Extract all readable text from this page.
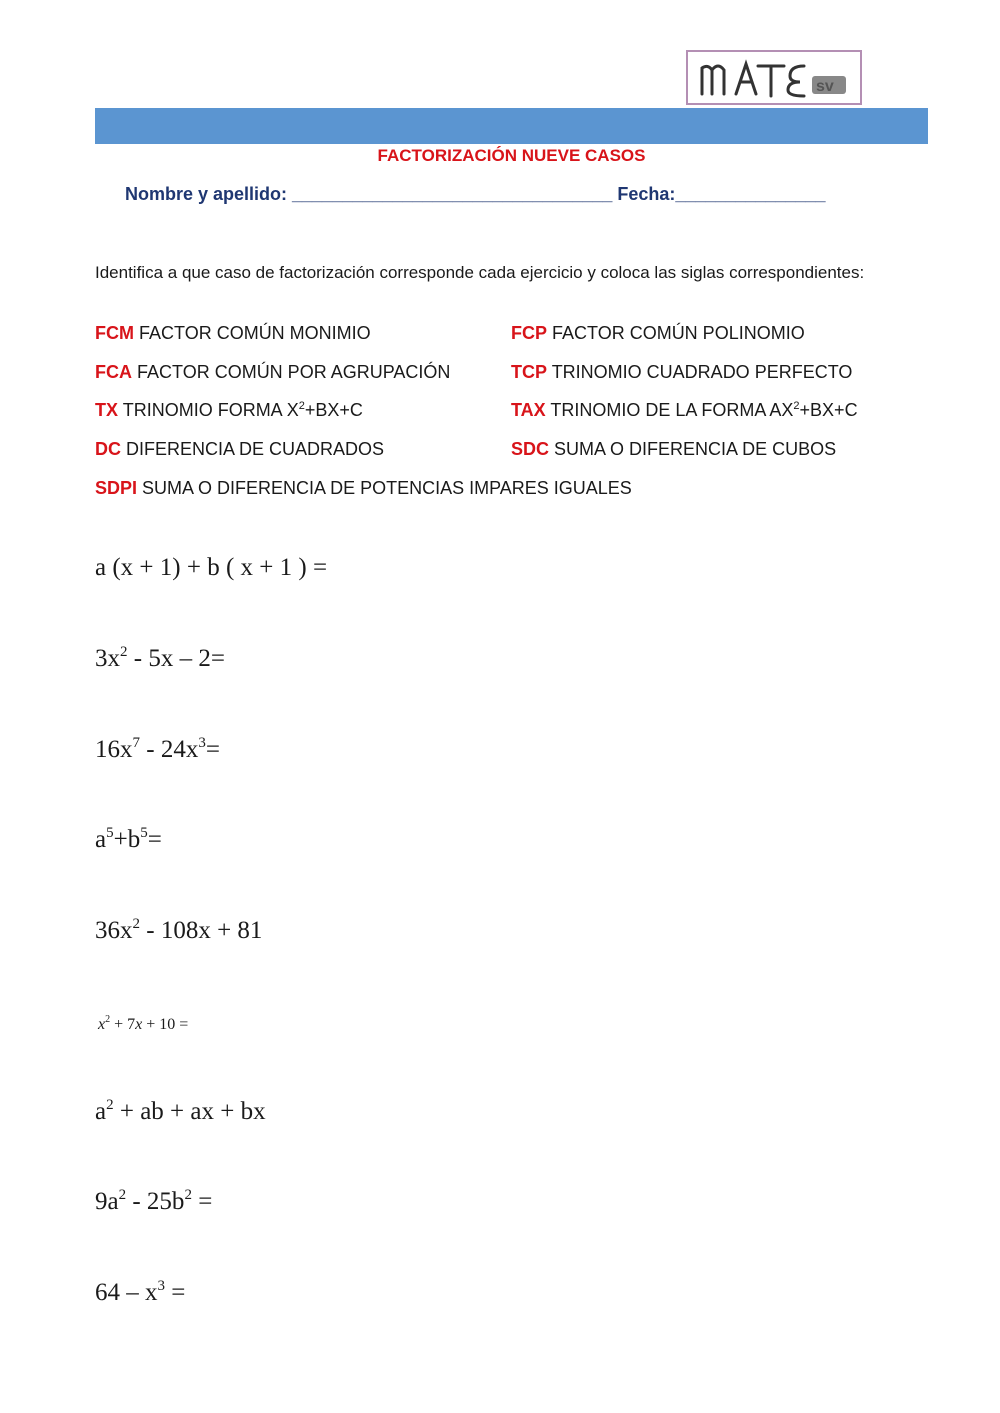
sv
FACTORIZACIÓN NUEVE CASOS
Nombre y apellido: ________________________________ Fecha:_______________
Identifica a que caso de factorización corresponde cada ejercicio y coloca las siglas correspondientes:
FCM FACTOR COMÚN MONIMIO	FCP FACTOR COMÚN POLINOMIO
FCA FACTOR COMÚN POR AGRUPACIÓN	TCP TRINOMIO CUADRADO PERFECTO
TX TRINOMIO FORMA $X^2+BX+C$	TAX TRINOMIO DE LA FORMA $AX^2+BX+C$
DC DIFERENCIA DE CUADRADOS	SDC SUMA O DIFERENCIA DE CUBOS
SDPI SUMA O DIFERENCIA DE POTENCIAS IMPARES IGUALES
a (x + 1) + b ( x + 1 ) =
$3x^2 - 5x - 2=$
$16x^7 - 24x^3=$
$a^5+b^5=$
$36x^2 - 108x + 81$
$x^2 + 7x + 10$ =
$a^2$ + ab + ax + bx
$9a^2 - 25b^2$ =
$64 - x^3$ =
